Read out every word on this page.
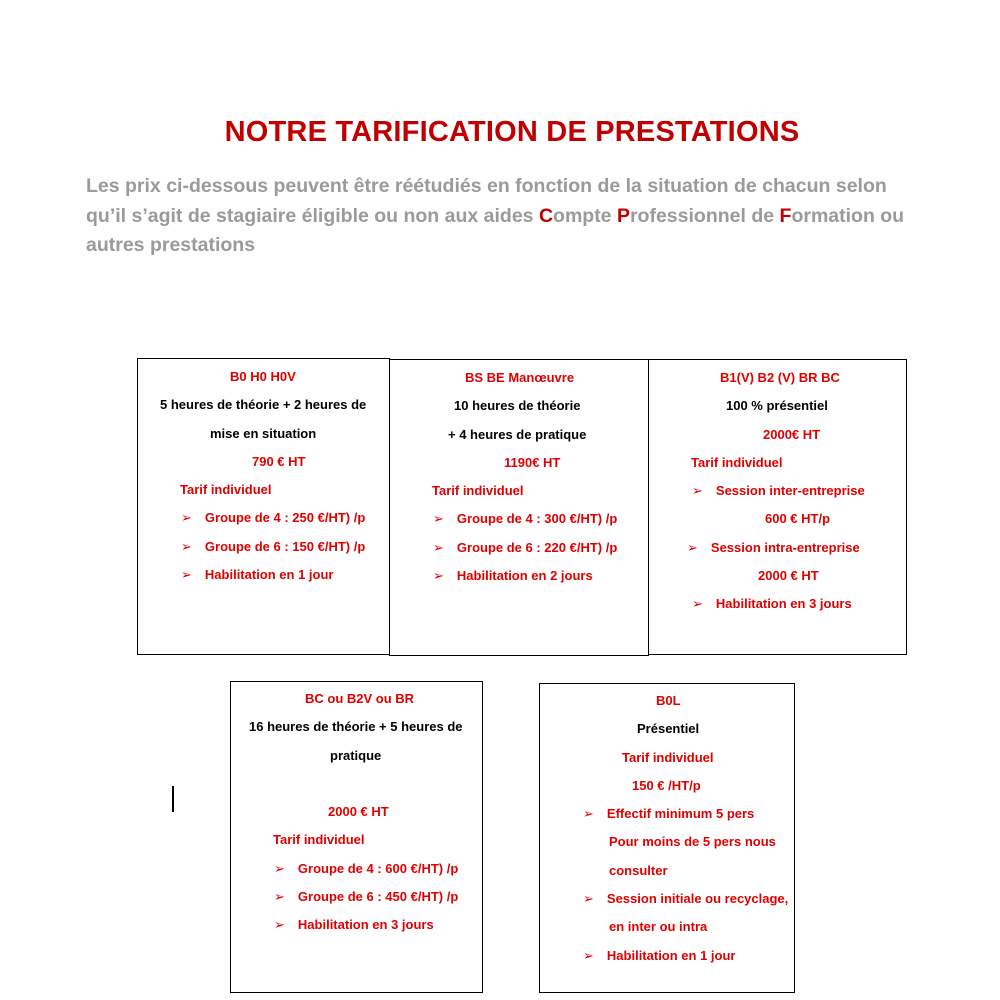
NOTRE TARIFICATION DE PRESTATIONS

Les prix ci-dessous peuvent être réétudiés en fonction de la situation de chacun selon qu’il s’agit de stagiaire éligible ou non aux aides Compte Professionnel de Formation ou autres prestations

B0 H0 H0V
5 heures de théorie + 2 heures de
mise en situation
790 € HT
Tarif individuel
➢ Groupe de 4 : 250 €/HT) /p
➢ Groupe de 6 : 150 €/HT) /p
➢ Habilitation en 1 jour
BS BE Manœuvre
10 heures de théorie
+ 4 heures de pratique
1190€ HT
Tarif individuel
➢ Groupe de 4 : 300 €/HT) /p
➢ Groupe de 6 : 220 €/HT) /p
➢ Habilitation en 2 jours
B1(V) B2 (V) BR BC
100 % présentiel
2000€ HT
Tarif individuel
➢ Session inter-entreprise
600 € HT/p
➢ Session intra-entreprise
2000 € HT
➢ Habilitation en 3 jours
BC ou B2V ou BR
16 heures de théorie + 5 heures de
pratique
2000 € HT
Tarif individuel
➢ Groupe de 4 : 600 €/HT) /p
➢ Groupe de 6 : 450 €/HT) /p
➢ Habilitation en 3 jours
B0L
Présentiel
Tarif individuel
150 € /HT/p
➢ Effectif minimum 5 pers
Pour moins de 5 pers nous
consulter
➢ Session initiale ou recyclage,
en inter ou intra
➢ Habilitation en 1 jour
